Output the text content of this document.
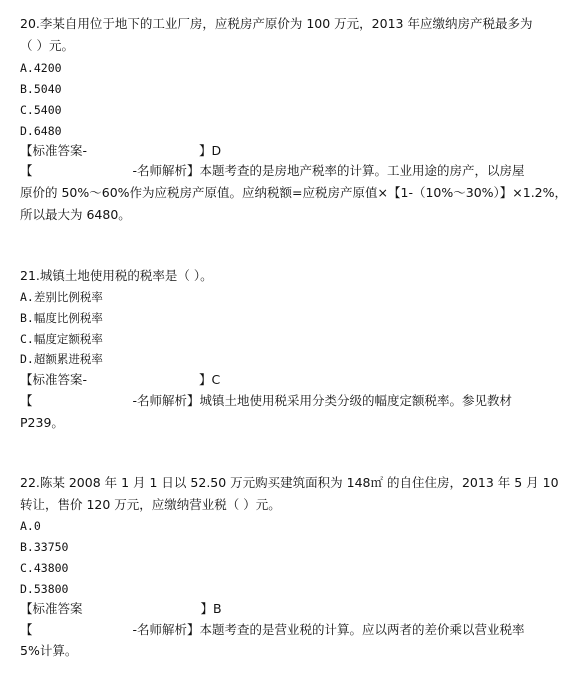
20.李某自用位于地下的工业厂房，应税房产原价为 100 万元，2013 年应缴纳房产税最多为
（ ）元。
A.4200
B.5040
C.5400
D.6480
【标准答案-	】D
【	-名师解析】本题考查的是房地产税率的计算。工业用途的房产，以房屋
原价的 50%～60%作为应税房产原值。应纳税额=应税房产原值×【1-（10%～30%）】×1.2%，
所以最大为 6480。
21.城镇土地使用税的税率是（ ）。
A.差别比例税率
B.幅度比例税率
C.幅度定额税率
D.超额累进税率
【标准答案-	】C
【	-名师解析】城镇土地使用税采用分类分级的幅度定额税率。参见教材
P239。
22.陈某 2008 年 1 月 1 日以 52.50 万元购买建筑面积为 148㎡ 的自住住房，2013 年 5 月 10
转让，售价 120 万元，应缴纳营业税（ ）元。
A.0
B.33750
C.43800
D.53800
【标准答案	】B
【	-名师解析】本题考查的是营业税的计算。应以两者的差价乘以营业税率
5%计算。
